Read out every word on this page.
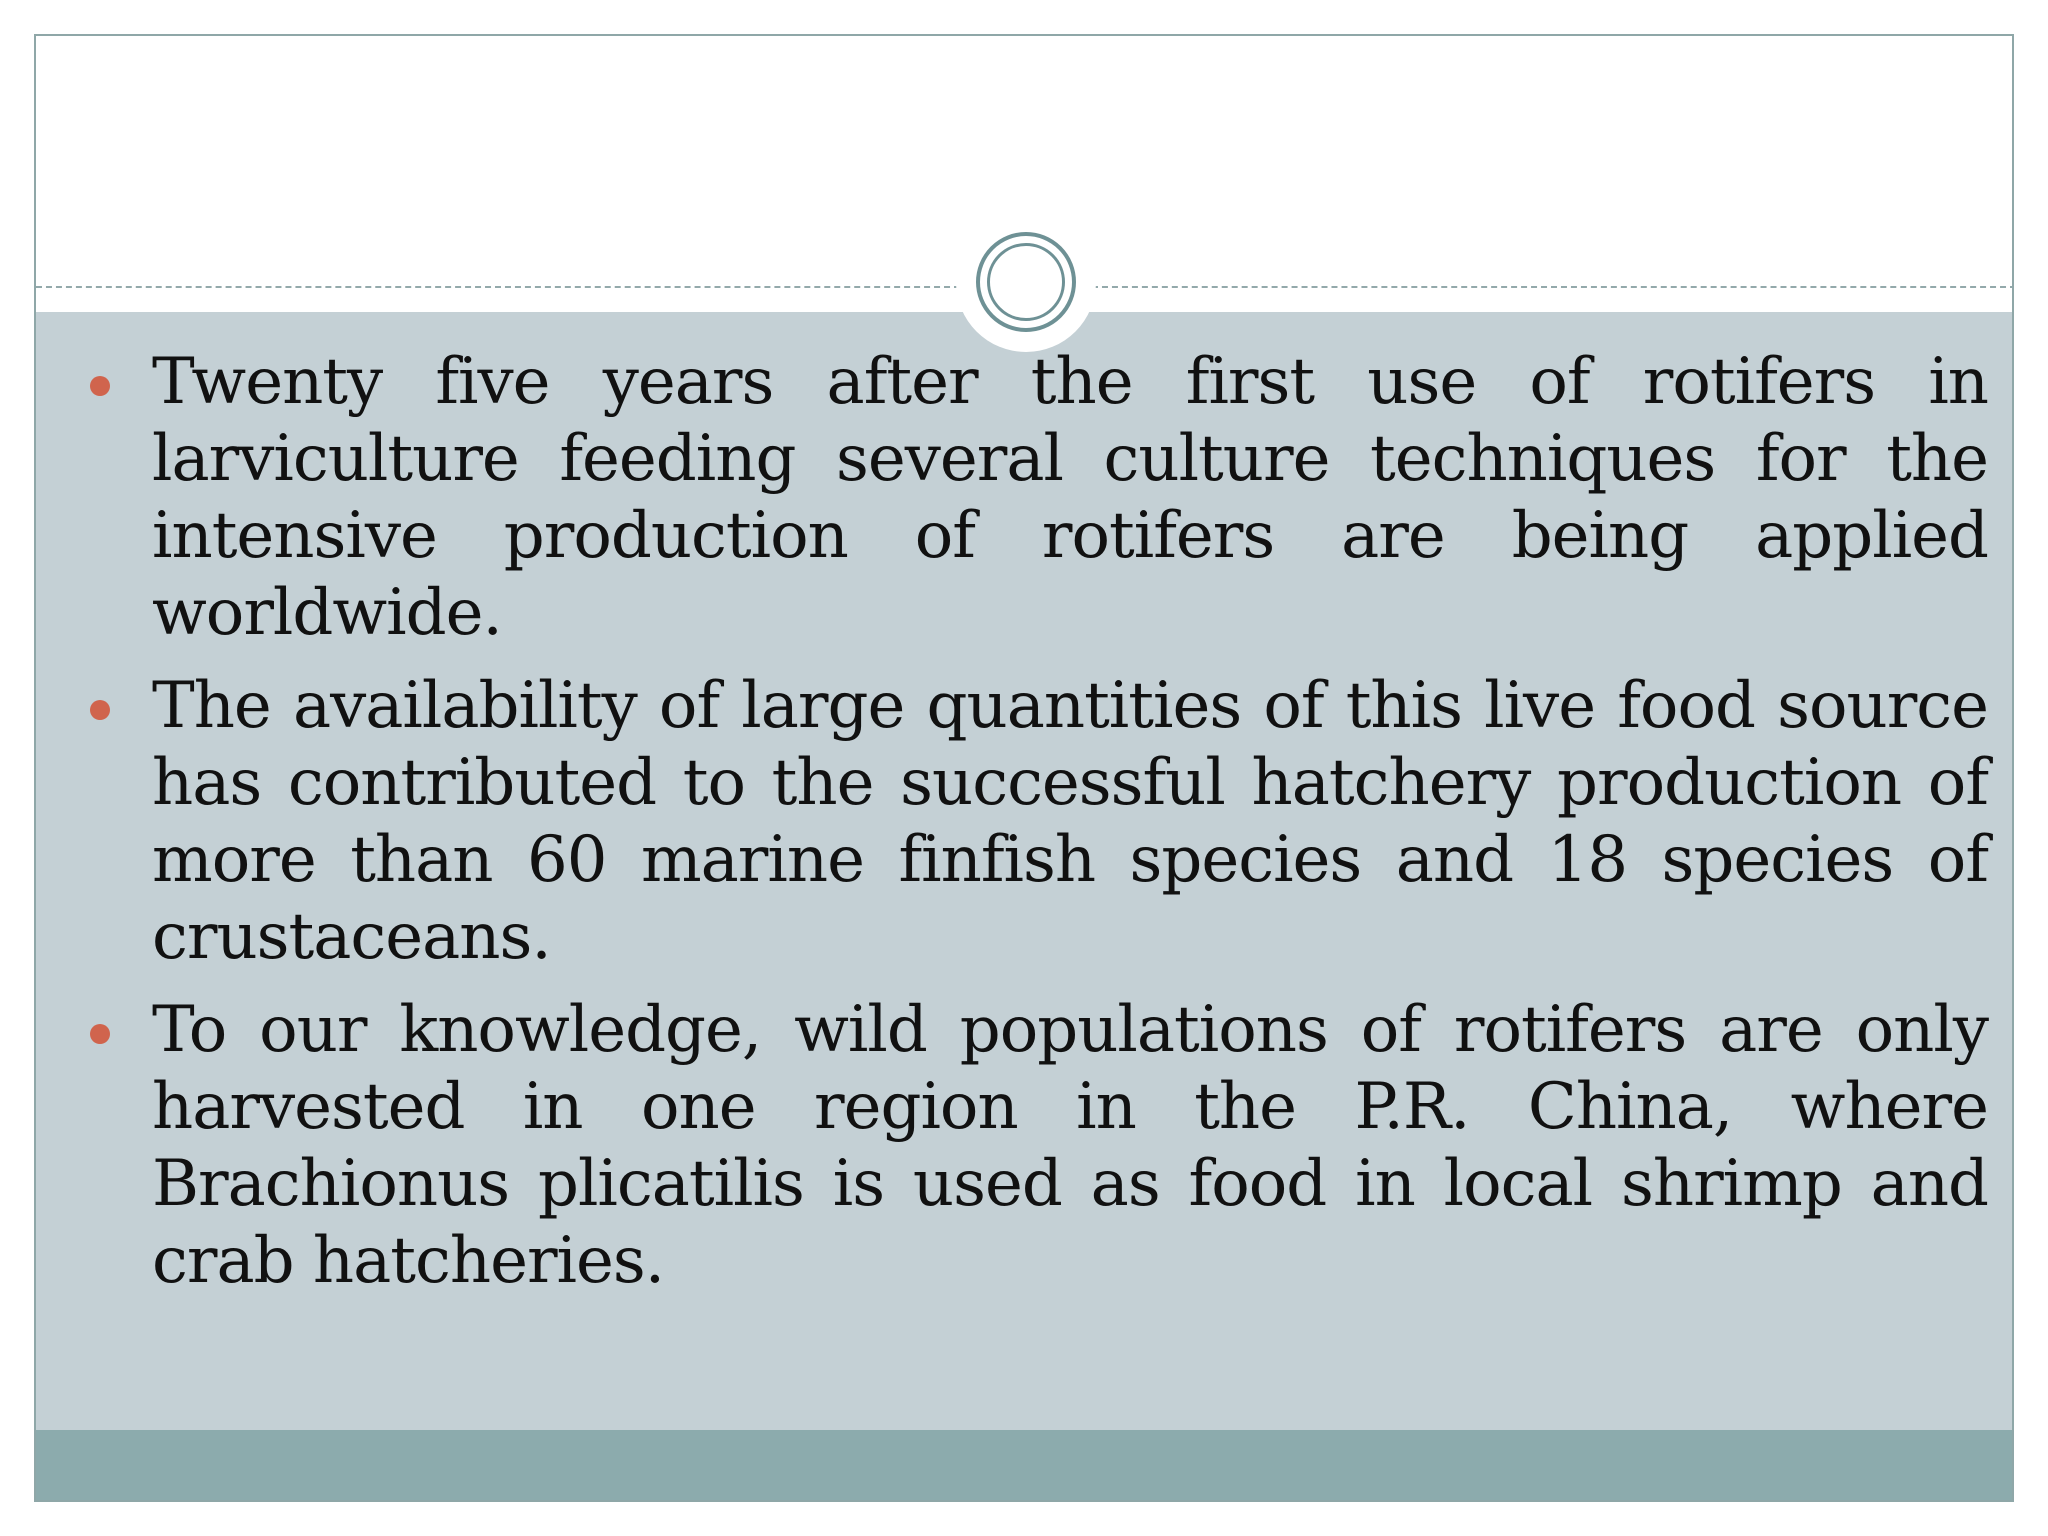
Twenty five years after the first use of rotifers in larviculture feeding several culture techniques for the intensive production of rotifers are being applied worldwide.
The availability of large quantities of this live food source has contributed to the successful hatchery production of more than 60 marine finfish species and 18 species of crustaceans.
To our knowledge, wild populations of rotifers are only harvested in one region in the P.R. China, where Brachionus plicatilis is used as food in local shrimp and crab hatcheries.
